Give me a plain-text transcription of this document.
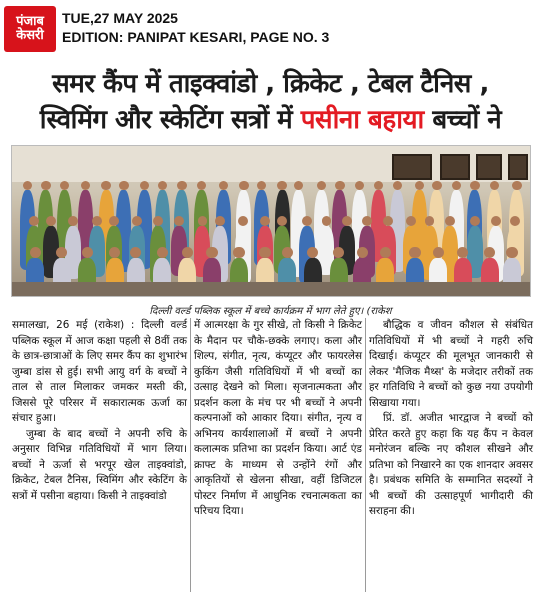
पंजाब
केसरी
TUE,27 MAY 2025
EDITION: PANIPAT KESARI, PAGE NO. 3
समर कैंप में ताइक्वांडो , क्रिकेट , टेबल टैनिस ,
स्विमिंग और स्केटिंग सत्रों में पसीना बहाया बच्चों ने
दिल्ली वर्ल्ड पब्लिक स्कूल में बच्चे कार्यक्रम में भाग लेते हुए। (राकेश

समालखा, 26 मई (राकेश) : दिल्ली वर्ल्ड पब्लिक स्कूल में आज कक्षा पहली से 8वीं तक के छात्र-छात्राओं के लिए समर कैंप का शुभारंभ जुम्बा डांस से हुई। सभी आयु वर्ग के बच्चों ने ताल से ताल मिलाकर जमकर मस्ती की, जिससे पूरे परिसर में सकारात्मक ऊर्जा का संचार हुआ।

जुम्बा के बाद बच्चों ने अपनी रुचि के अनुसार विभिन्न गतिविधियों में भाग लिया। बच्चों ने ऊर्जा से भरपूर खेल ताइक्वांडो, क्रिकेट, टेबल टैनिस, स्विमिंग और स्केटिंग के सत्रों में पसीना बहाया। किसी ने ताइक्वांडो

में आत्मरक्षा के गुर सीखे, तो किसी ने क्रिकेट के मैदान पर चौके-छक्के लगाए। कला और शिल्प, संगीत, नृत्य, कंप्यूटर और फायरलेस कुकिंग जैसी गतिविधियों में भी बच्चों का उत्साह देखने को मिला। सृजनात्मकता और प्रदर्शन कला के मंच पर भी बच्चों ने अपनी कल्पनाओं को आकार दिया। संगीत, नृत्य व अभिनय कार्यशालाओं में बच्चों ने अपनी कलात्मक प्रतिभा का प्रदर्शन किया। आर्ट एंड क्राफ्ट के माध्यम से उन्होंने रंगों और आकृतियों से खेलना सीखा, वहीं डिजिटल पोस्टर निर्माण में आधुनिक रचनात्मकता का परिचय दिया।

बौद्धिक व जीवन कौशल से संबंधित गतिविधियों में भी बच्चों ने गहरी रुचि दिखाई। कंप्यूटर की मूलभूत जानकारी से लेकर 'मैजिक मैथ्स' के मजेदार तरीकों तक हर गतिविधि ने बच्चों को कुछ नया उपयोगी सिखाया गया।

प्रिं. डॉ. अजीत भारद्वाज ने बच्चों को प्रेरित करते हुए कहा कि यह कैंप न केवल मनोरंजन बल्कि नए कौशल सीखने और प्रतिभा को निखारने का एक शानदार अवसर है। प्रबंधक समिति के सम्मानित सदस्यों ने भी बच्चों की उत्साहपूर्ण भागीदारी की सराहना की।
